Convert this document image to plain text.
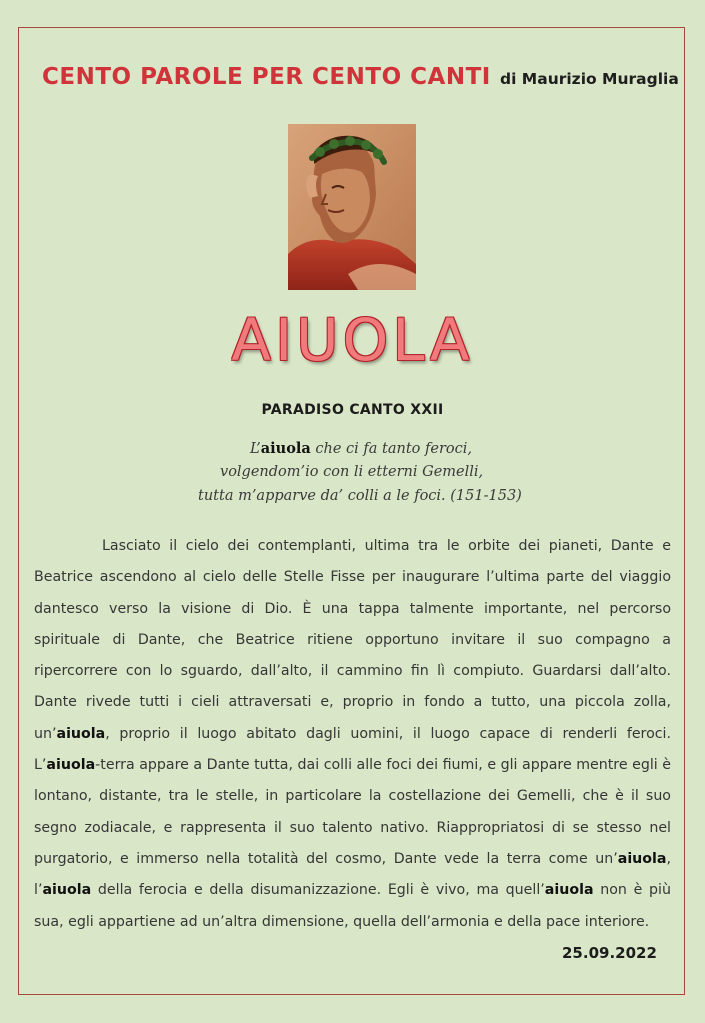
CENTO PAROLE PER CENTO CANTI di Maurizio Muraglia
AIUOLA
PARADISO CANTO XXII
L’aiuola che ci fa tanto feroci,
volgendom’io con li etterni Gemelli,
tutta m’apparve da’ colli a le foci. (151-153)
Lasciato il cielo dei contemplanti, ultima tra le orbite dei pianeti, Dante e Beatrice ascendono al cielo delle Stelle Fisse per inaugurare l’ultima parte del viaggio dantesco verso la visione di Dio. È una tappa talmente importante, nel percorso spirituale di Dante, che Beatrice ritiene opportuno invitare il suo compagno a ripercorrere con lo sguardo, dall’alto, il cammino fin lì compiuto. Guardarsi dall’alto. Dante rivede tutti i cieli attraversati e, proprio in fondo a tutto, una piccola zolla, un’aiuola, proprio il luogo abitato dagli uomini, il luogo capace di renderli feroci. L’aiuola-terra appare a Dante tutta, dai colli alle foci dei fiumi, e gli appare mentre egli è lontano, distante, tra le stelle, in particolare la costellazione dei Gemelli, che è il suo segno zodiacale, e rappresenta il suo talento nativo. Riappropriatosi di se stesso nel purgatorio, e immerso nella totalità del cosmo, Dante vede la terra come un’aiuola, l’aiuola della ferocia e della disumanizzazione. Egli è vivo, ma quell’aiuola non è più sua, egli appartiene ad un’altra dimensione, quella dell’armonia e della pace interiore.
25.09.2022
